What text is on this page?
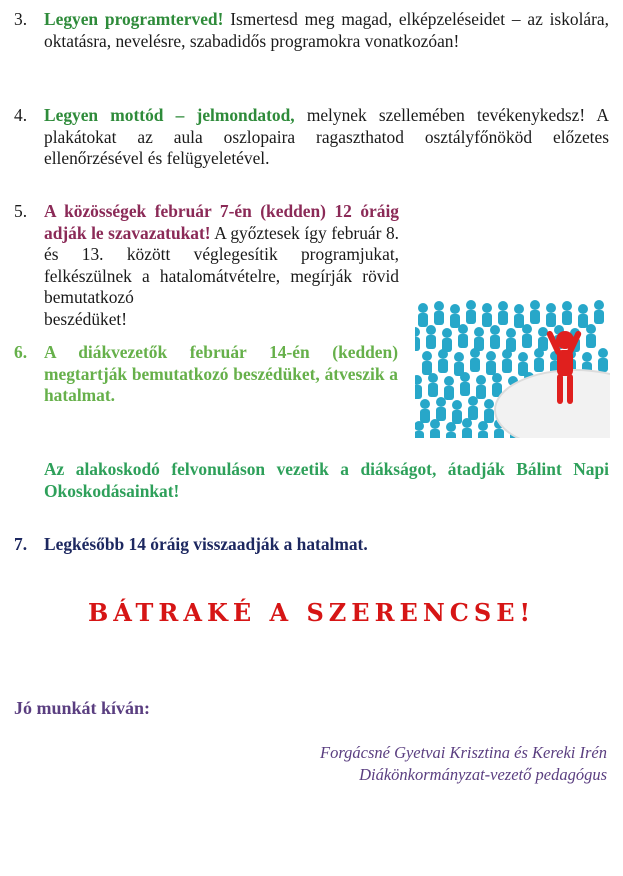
3. Legyen programterved! Ismertesd meg magad, elképzeléseidet – az iskolára, oktatásra, nevelésre, szabadidős programokra vonatkozóan!
4. Legyen mottód – jelmondatod, melynek szellemében tevékenykedsz! A plakátokat az aula oszlopaira ragaszthatod osztályfőnököd előzetes ellenőrzésével és felügyeletével.
5. A közösségek február 7-én (kedden) 12 óráig adják le szavazatukat! A győztesek így február 8. és 13. között véglegesítik programjukat, felkészülnek a hatalomátvételre, megírják rövid bemutatkozó
beszédüket!
6. A diákvezetők február 14-én (kedden) megtartják bemutatkozó beszédüket, átveszik a hatalmat.
Az alakoskodó felvonuláson vezetik a diákságot, átadják Bálint Napi Okoskodásainkat!
7. Legkésőbb 14 óráig visszaadják a hatalmat.
BÁTRAKÉ A SZERENCSE!
Jó munkát kíván:
Forgácsné Gyetvai Krisztina és Kereki Irén
Diákönkormányzat-vezető pedagógus
